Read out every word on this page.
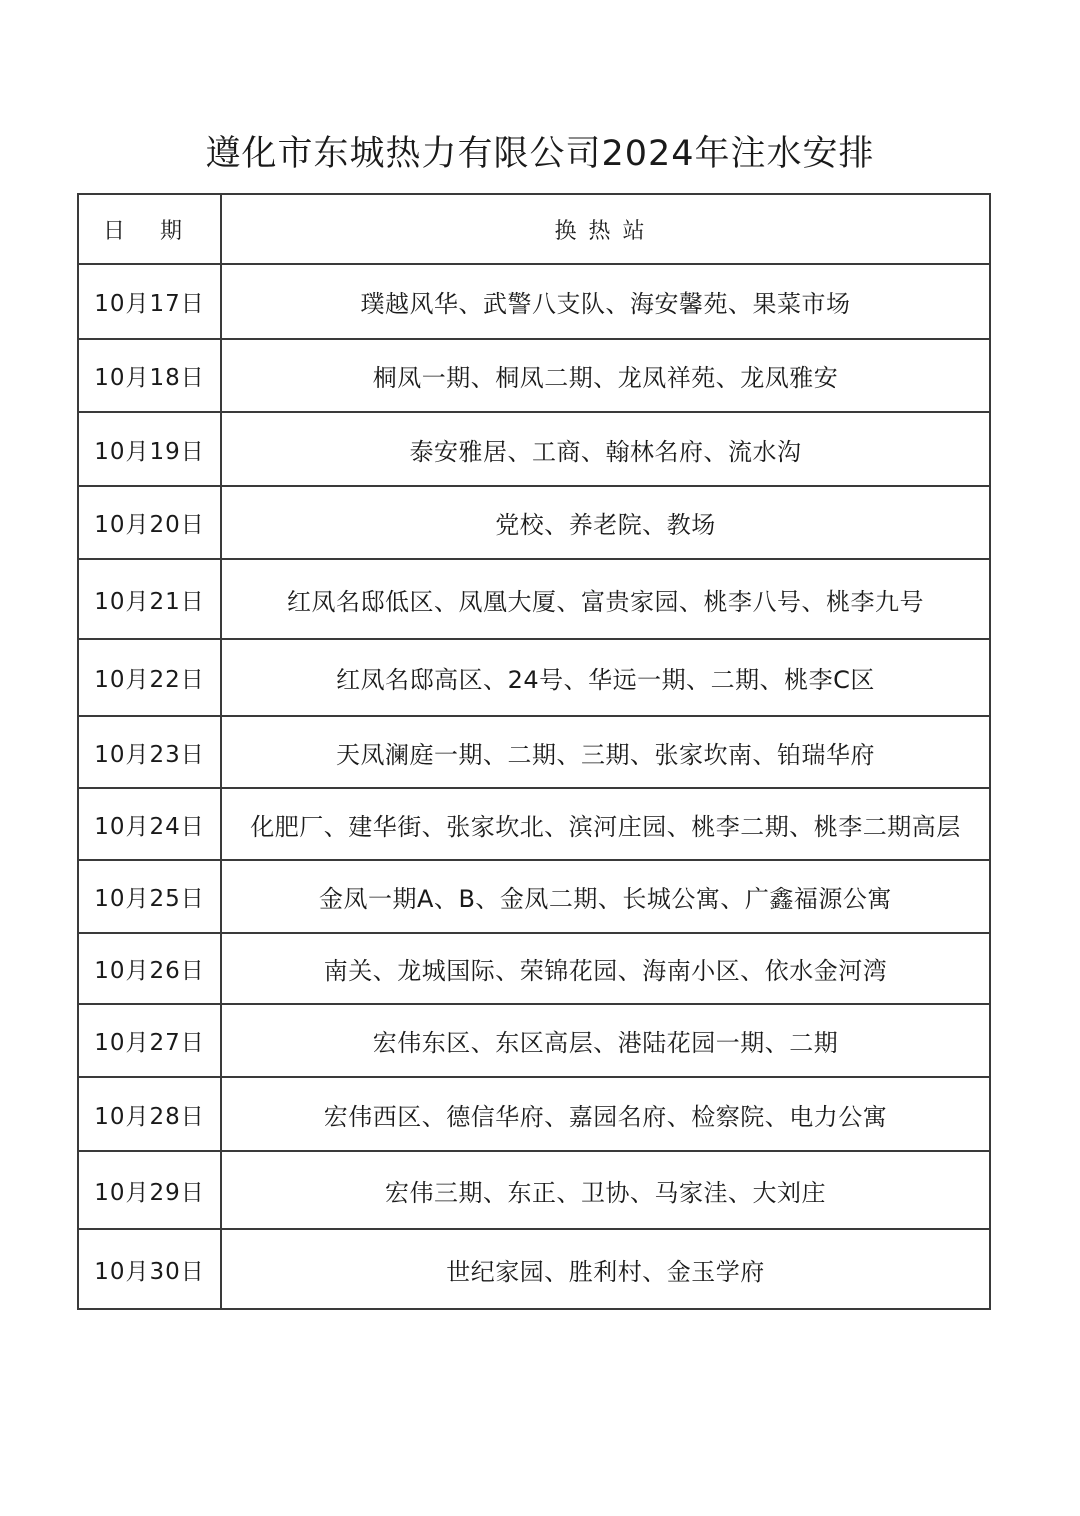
遵化市东城热力有限公司2024年注水安排
日 期	换热站
10月17日	璞越风华、武警八支队、海安馨苑、果菜市场
10月18日	桐凤一期、桐凤二期、龙凤祥苑、龙凤雅安
10月19日	泰安雅居、工商、翰林名府、流水沟
10月20日	党校、养老院、教场
10月21日	红凤名邸低区、凤凰大厦、富贵家园、桃李八号、桃李九号
10月22日	红凤名邸高区、24号、华远一期、二期、桃李C区
10月23日	天凤澜庭一期、二期、三期、张家坎南、铂瑞华府
10月24日	化肥厂、建华街、张家坎北、滨河庄园、桃李二期、桃李二期高层
10月25日	金凤一期A、B、金凤二期、长城公寓、广鑫福源公寓
10月26日	南关、龙城国际、荣锦花园、海南小区、依水金河湾
10月27日	宏伟东区、东区高层、港陆花园一期、二期
10月28日	宏伟西区、德信华府、嘉园名府、检察院、电力公寓
10月29日	宏伟三期、东正、卫协、马家洼、大刘庄
10月30日	世纪家园、胜利村、金玉学府
